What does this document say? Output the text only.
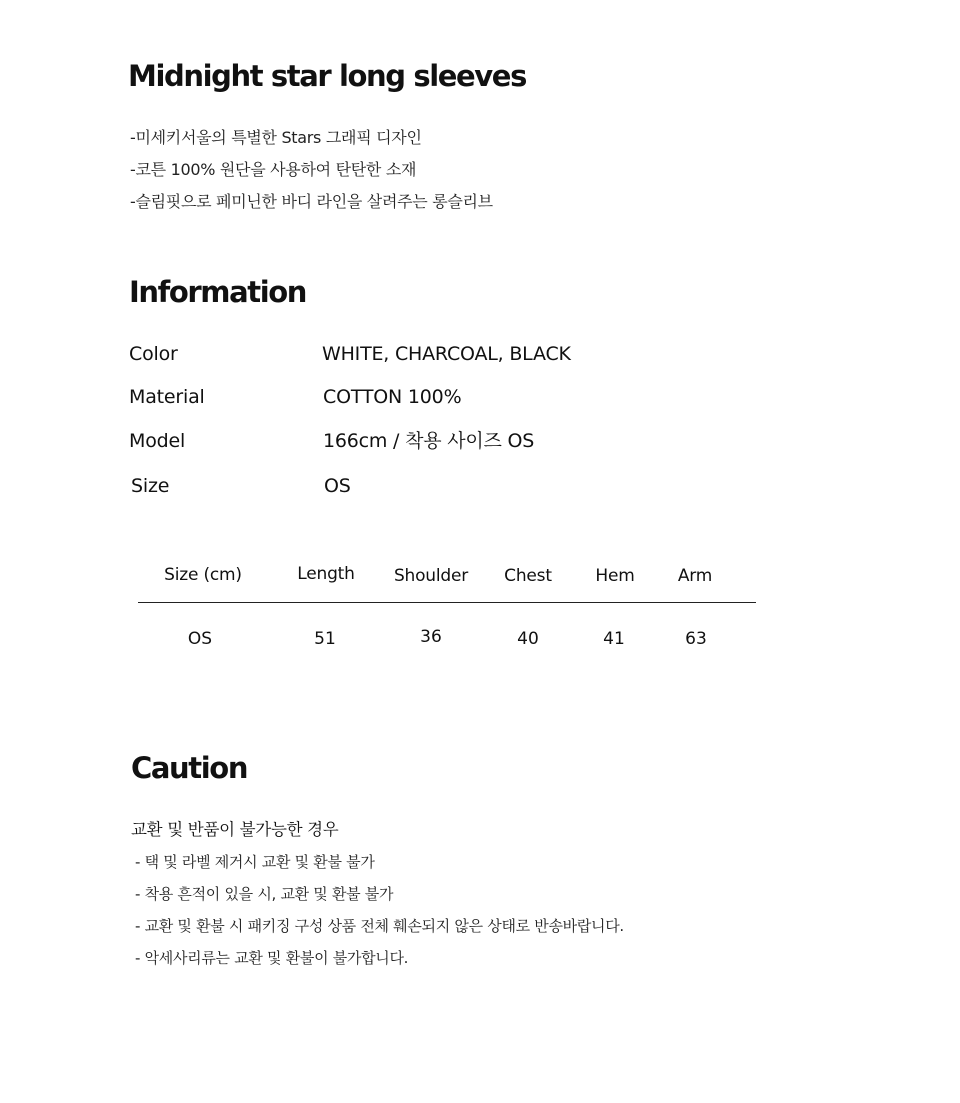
Midnight star long sleeves
-미세키서울의 특별한 Stars 그래픽 디자인
-코튼 100% 원단을 사용하여 탄탄한 소재
-슬림핏으로 페미닌한 바디 라인을 살려주는 롱슬리브
Information
Color	WHITE, CHARCOAL, BLACK
Material	COTTON 100%
Model	166cm / 착용 사이즈 OS
Size	OS
Size (cm)	Length	Shoulder	Chest	Hem	Arm
OS	51	36	40	41	63
Caution
교환 및 반품이 불가능한 경우
- 택 및 라벨 제거시 교환 및 환불 불가
- 착용 흔적이 있을 시, 교환 및 환불 불가
- 교환 및 환불 시 패키징 구성 상품 전체 훼손되지 않은 상태로 반송바랍니다.
- 악세사리류는 교환 및 환불이 불가합니다.
